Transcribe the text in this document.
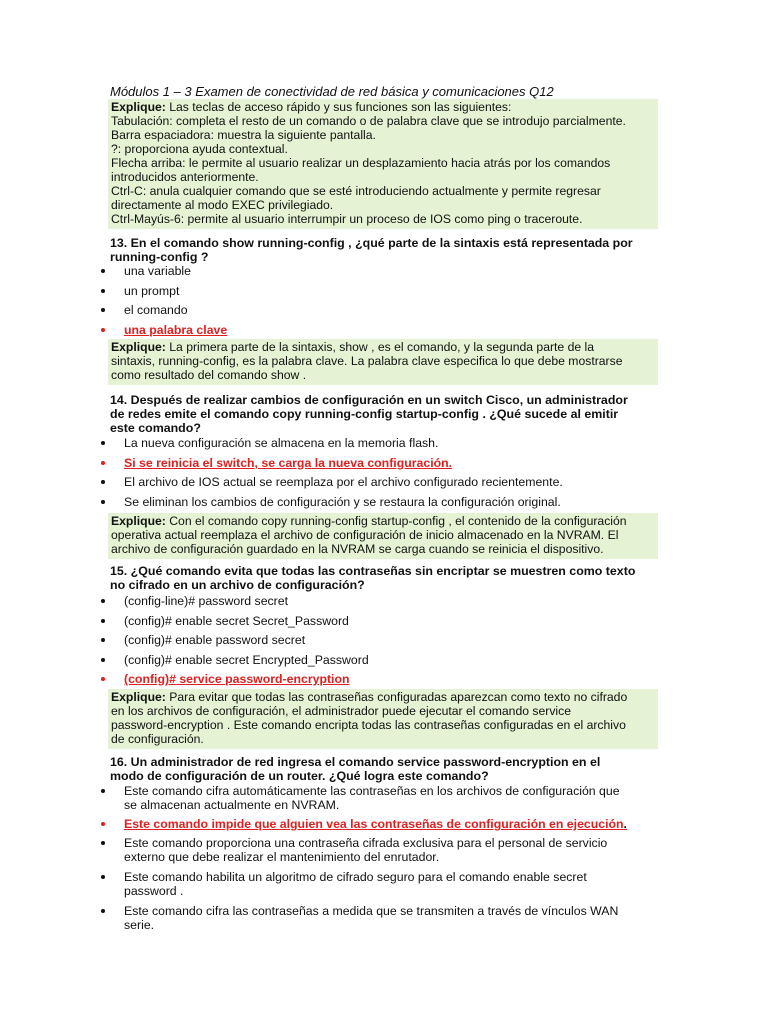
Módulos 1 – 3 Examen de conectividad de red básica y comunicaciones Q12

Explique: Las teclas de acceso rápido y sus funciones son las siguientes:
Tabulación: completa el resto de un comando o de palabra clave que se introdujo parcialmente.
Barra espaciadora: muestra la siguiente pantalla.
?: proporciona ayuda contextual.
Flecha arriba: le permite al usuario realizar un desplazamiento hacia atrás por los comandos
introducidos anteriormente.
Ctrl-C: anula cualquier comando que se esté introduciendo actualmente y permite regresar
directamente al modo EXEC privilegiado.
Ctrl-Mayús-6: permite al usuario interrumpir un proceso de IOS como ping o traceroute.
13. En el comando show running-config , ¿qué parte de la sintaxis está representada por
running-config ?
una variable
un prompt
el comando
una palabra clave
Explique: La primera parte de la sintaxis, show , es el comando, y la segunda parte de la
sintaxis, running-config, es la palabra clave. La palabra clave especifica lo que debe mostrarse
como resultado del comando show .
14. Después de realizar cambios de configuración en un switch Cisco, un administrador
de redes emite el comando copy running-config startup-config . ¿Qué sucede al emitir
este comando?
La nueva configuración se almacena en la memoria flash.
Si se reinicia el switch, se carga la nueva configuración.
El archivo de IOS actual se reemplaza por el archivo configurado recientemente.
Se eliminan los cambios de configuración y se restaura la configuración original.
Explique: Con el comando copy running-config startup-config , el contenido de la configuración
operativa actual reemplaza el archivo de configuración de inicio almacenado en la NVRAM. El
archivo de configuración guardado en la NVRAM se carga cuando se reinicia el dispositivo.
15. ¿Qué comando evita que todas las contraseñas sin encriptar se muestren como texto
no cifrado en un archivo de configuración?
(config-line)# password secret
(config)# enable secret Secret_Password
(config)# enable password secret
(config)# enable secret Encrypted_Password
(config)# service password-encryption
Explique: Para evitar que todas las contraseñas configuradas aparezcan como texto no cifrado
en los archivos de configuración, el administrador puede ejecutar el comando service
password-encryption . Este comando encripta todas las contraseñas configuradas en el archivo
de configuración.
16. Un administrador de red ingresa el comando service password-encryption en el
modo de configuración de un router. ¿Qué logra este comando?
Este comando cifra automáticamente las contraseñas en los archivos de configuración que
se almacenan actualmente en NVRAM.
Este comando impide que alguien vea las contraseñas de configuración en ejecución.
Este comando proporciona una contraseña cifrada exclusiva para el personal de servicio
externo que debe realizar el mantenimiento del enrutador.
Este comando habilita un algoritmo de cifrado seguro para el comando enable secret
password .
Este comando cifra las contraseñas a medida que se transmiten a través de vínculos WAN
serie.
